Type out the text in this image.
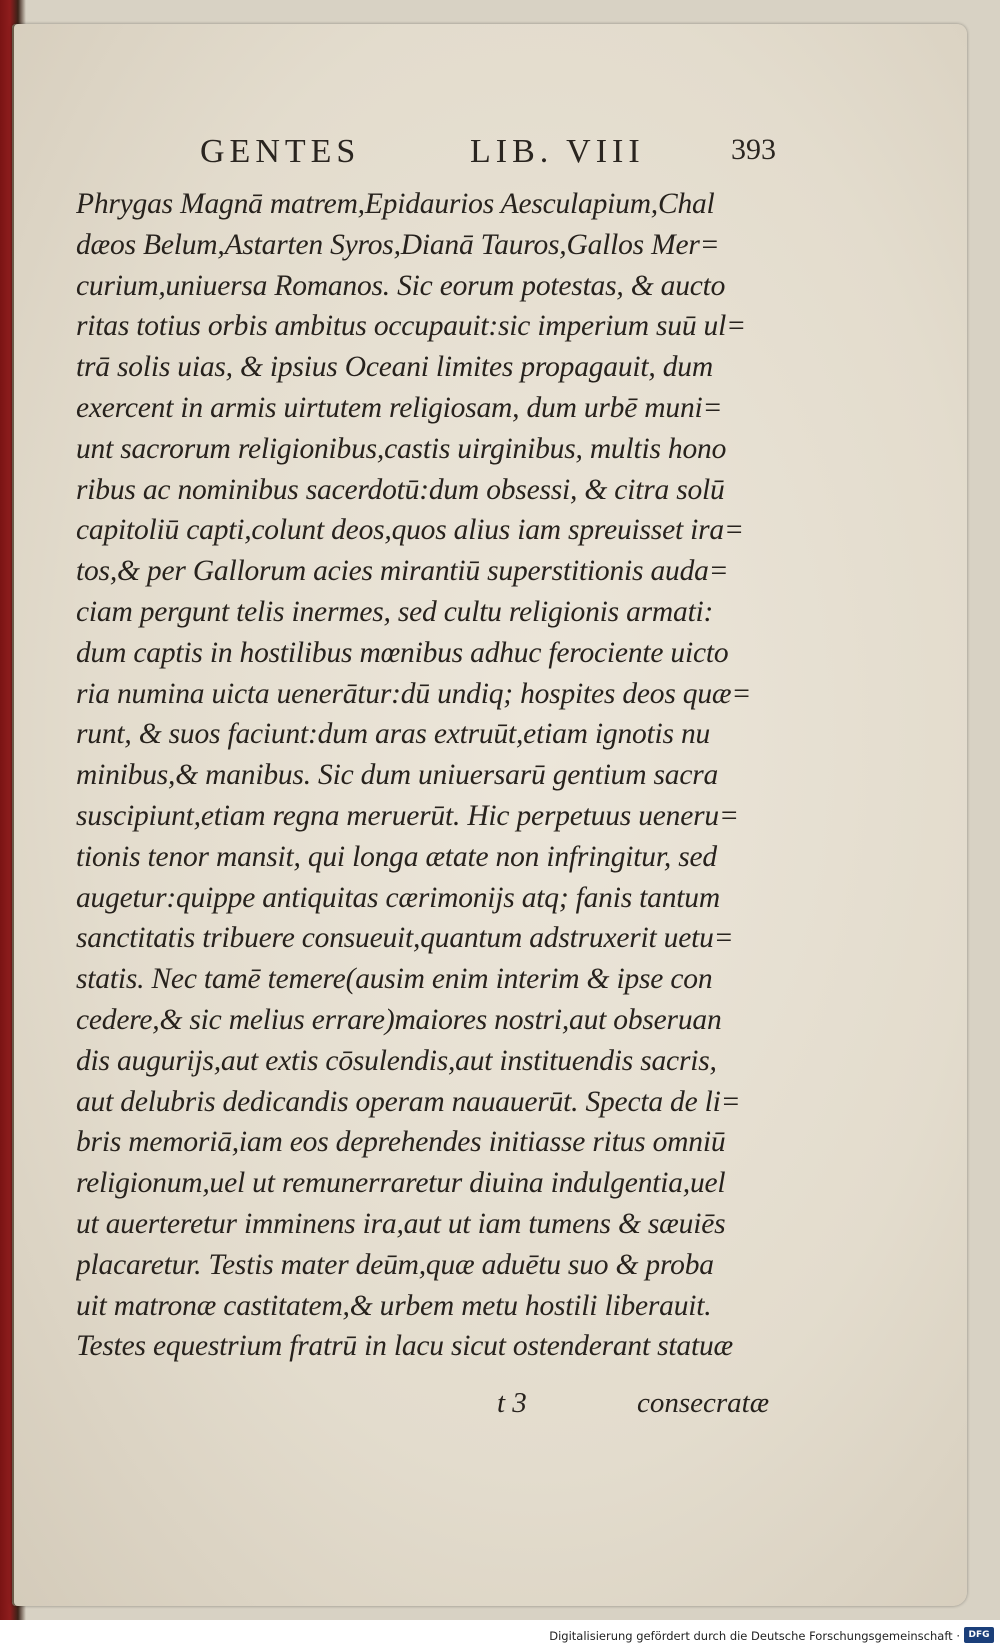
GENTES	LIB. VIII	393
Phrygas Magnā matrem,Epidaurios Aesculapium,Chal
dæos Belum,Astarten Syros,Dianā Tauros,Gallos Mer=
curium,uniuersa Romanos. Sic eorum potestas, & aucto
ritas totius orbis ambitus occupauit:sic imperium suū ul=
trā solis uias, & ipsius Oceani limites propagauit, dum
exercent in armis uirtutem religiosam, dum urbē muni=
unt sacrorum religionibus,castis uirginibus, multis hono
ribus ac nominibus sacerdotū:dum obsessi, & citra solū
capitoliū capti,colunt deos,quos alius iam spreuisset ira=
tos,& per Gallorum acies mirantiū superstitionis auda=
ciam pergunt telis inermes, sed cultu religionis armati:
dum captis in hostilibus mœnibus adhuc ferociente uicto
ria numina uicta uenerātur:dū undiq; hospites deos quæ=
runt, & suos faciunt:dum aras extruūt,etiam ignotis nu
minibus,& manibus. Sic dum uniuersarū gentium sacra
suscipiunt,etiam regna meruerūt. Hic perpetuus ueneru=
tionis tenor mansit, qui longa ætate non infringitur, sed
augetur:quippe antiquitas cærimonijs atq; fanis tantum
sanctitatis tribuere consueuit,quantum adstruxerit uetu=
statis. Nec tamē temere(ausim enim interim & ipse con
cedere,& sic melius errare)maiores nostri,aut obseruan
dis augurijs,aut extis cōsulendis,aut instituendis sacris,
aut delubris dedicandis operam nauauerūt. Specta de li=
bris memoriā,iam eos deprehendes initiasse ritus omniū
religionum,uel ut remunerraretur diuina indulgentia,uel
ut auerteretur imminens ira,aut ut iam tumens & sæuiēs
placaretur. Testis mater deūm,quæ aduētu suo & proba
uit matronæ castitatem,& urbem metu hostili liberauit.
Testes equestrium fratrū in lacu sicut ostenderant statuæ
t 3	consecratæ
Digitalisierung gefördert durch die Deutsche Forschungsgemeinschaft · DFG
